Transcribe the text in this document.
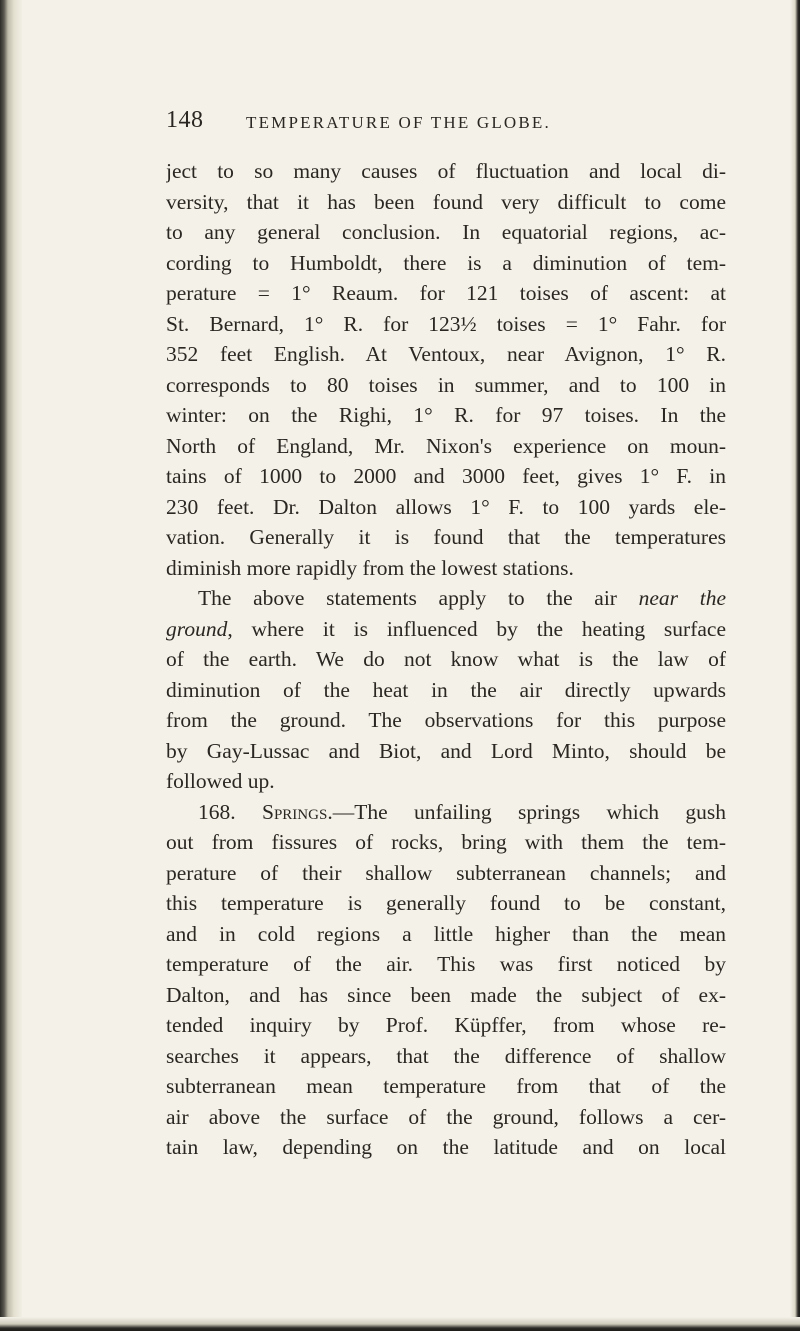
148	TEMPERATURE OF THE GLOBE.
ject to so many causes of fluctuation and local di-
versity, that it has been found very difficult to come
to any general conclusion. In equatorial regions, ac-
cording to Humboldt, there is a diminution of tem-
perature = 1° Reaum. for 121 toises of ascent: at
St. Bernard, 1° R. for 123½ toises = 1° Fahr. for
352 feet English. At Ventoux, near Avignon, 1° R.
corresponds to 80 toises in summer, and to 100 in
winter: on the Righi, 1° R. for 97 toises. In the
North of England, Mr. Nixon's experience on moun-
tains of 1000 to 2000 and 3000 feet, gives 1° F. in
230 feet. Dr. Dalton allows 1° F. to 100 yards ele-
vation. Generally it is found that the temperatures
diminish more rapidly from the lowest stations.
The above statements apply to the air near the
ground, where it is influenced by the heating surface
of the earth. We do not know what is the law of
diminution of the heat in the air directly upwards
from the ground. The observations for this purpose
by Gay-Lussac and Biot, and Lord Minto, should be
followed up.
168. Springs.—The unfailing springs which gush
out from fissures of rocks, bring with them the tem-
perature of their shallow subterranean channels; and
this temperature is generally found to be constant,
and in cold regions a little higher than the mean
temperature of the air. This was first noticed by
Dalton, and has since been made the subject of ex-
tended inquiry by Prof. Küpffer, from whose re-
searches it appears, that the difference of shallow
subterranean mean temperature from that of the
air above the surface of the ground, follows a cer-
tain law, depending on the latitude and on local
